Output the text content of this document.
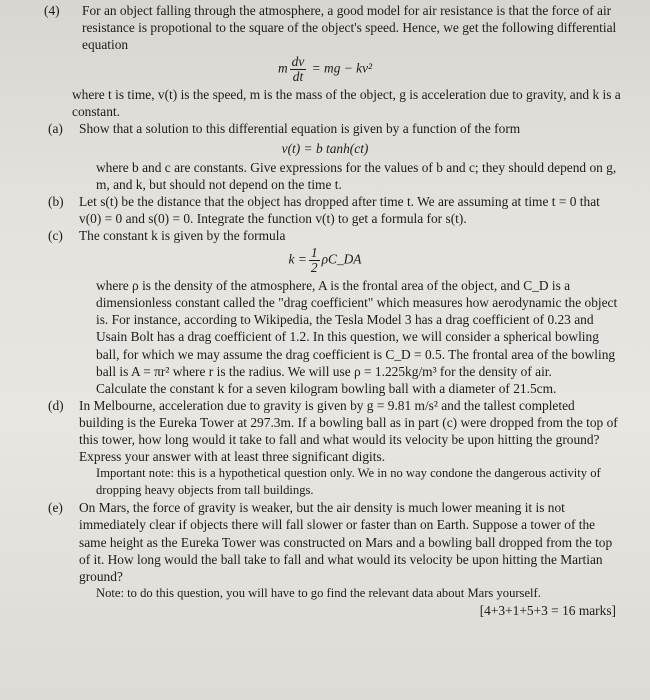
(4)	For an object falling through the atmosphere, a good model for air resistance is that the force of air resistance is propotional to the square of the object's speed. Hence, we get the following differential equation

m $\frac{dv}{dt}$ = mg − kv²

where t is time, v(t) is the speed, m is the mass of the object, g is acceleration due to gravity, and k is a constant.

(a)	Show that a solution to this differential equation is given by a function of the form

v(t) = b tanh(ct)

where b and c are constants. Give expressions for the values of b and c; they should depend on g, m, and k, but should not depend on the time t.

(b)	Let s(t) be the distance that the object has dropped after time t. We are assuming at time t = 0 that v(0) = 0 and s(0) = 0. Integrate the function v(t) to get a formula for s(t).

(c)	The constant k is given by the formula

$k = \frac{1}{2}$ ρC_DA

where ρ is the density of the atmosphere, A is the frontal area of the object, and C_D is a dimensionless constant called the "drag coefficient" which measures how aerodynamic the object is. For instance, according to Wikipedia, the Tesla Model 3 has a drag coefficient of 0.23 and Usain Bolt has a drag coefficient of 1.2. In this question, we will consider a spherical bowling ball, for which we may assume the drag coefficient is C_D = 0.5. The frontal area of the bowling ball is A = πr² where r is the radius. We will use ρ = 1.225kg/m³ for the density of air.

Calculate the constant k for a seven kilogram bowling ball with a diameter of 21.5cm.

(d)	In Melbourne, acceleration due to gravity is given by g = 9.81 m/s² and the tallest completed building is the Eureka Tower at 297.3m. If a bowling ball as in part (c) were dropped from the top of this tower, how long would it take to fall and what would its velocity be upon hitting the ground? Express your answer with at least three significant digits.

Important note: this is a hypothetical question only. We in no way condone the dangerous activity of dropping heavy objects from tall buildings.

(e)	On Mars, the force of gravity is weaker, but the air density is much lower meaning it is not immediately clear if objects there will fall slower or faster than on Earth. Suppose a tower of the same height as the Eureka Tower was constructed on Mars and a bowling ball dropped from the top of it. How long would the ball take to fall and what would its velocity be upon hitting the Martian ground?

Note: to do this question, you will have to go find the relevant data about Mars yourself.

[4+3+1+5+3 = 16 marks]
